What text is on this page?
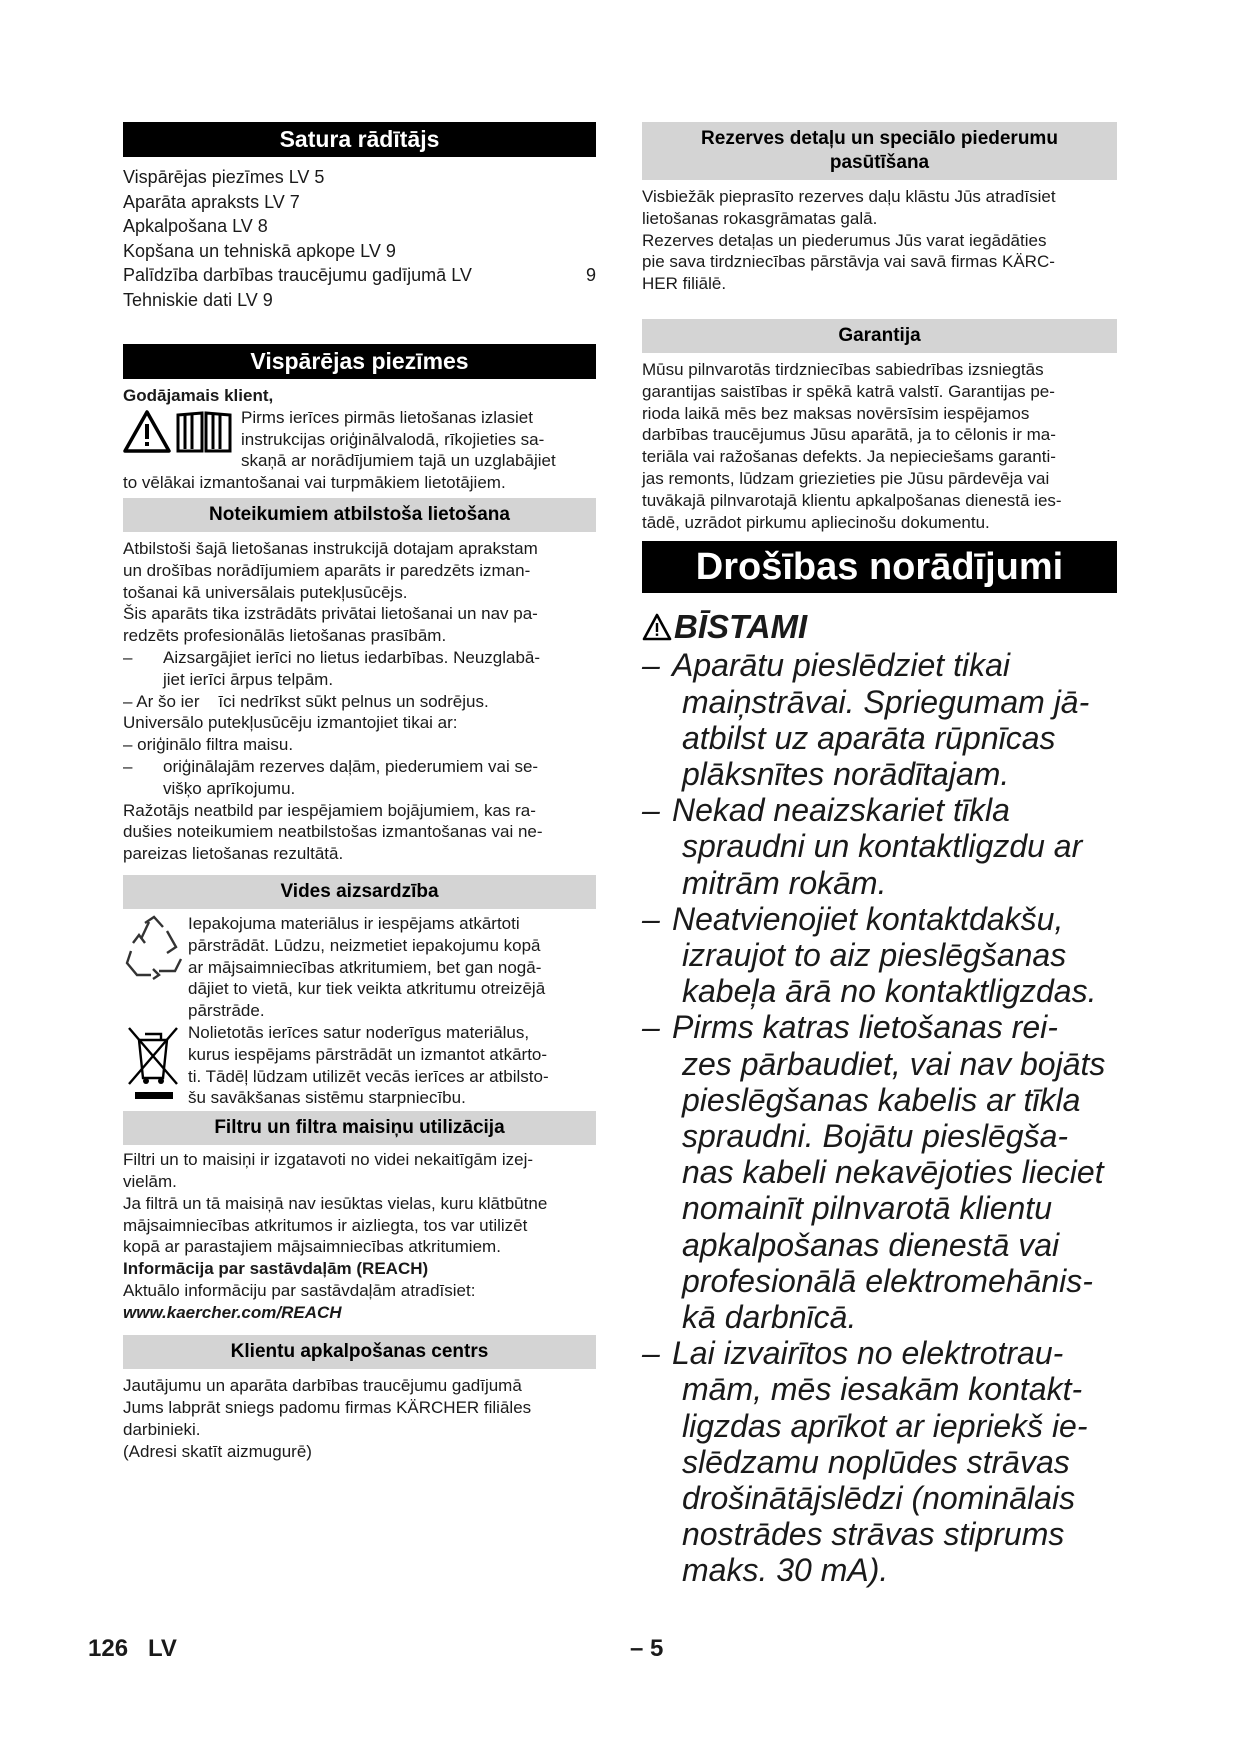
Satura rādītājs
Vispārējas piezīmes LV 5
Aparāta apraksts LV 7
Apkalpošana LV 8
Kopšana un tehniskā apkope LV 9
Palīdzība darbības traucējumu gadījumā LV	9
Tehniskie dati LV 9
Vispārējas piezīmes

Godājamais klient,

Pirms ierīces pirmās lietošanas izlasiet

instrukcijas oriģinālvalodā, rīkojieties sa-

skaņā ar norādījumiem tajā un uzglabājiet

to vēlākai izmantošanai vai turpmākiem lietotājiem.

Noteikumiem atbilstoša lietošana

Atbilstoši šajā lietošanas instrukcijā dotajam aprakstam

un drošības norādījumiem aparāts ir paredzēts izman-

tošanai kā universālais putekļusūcējs.

Šis aparāts tika izstrādāts privātai lietošanai un nav pa-

redzēts profesionālās lietošanas prasībām.

–	Aizsargājiet ierīci no lietus iedarbības. Neuzglabā-

jiet ierīci ārpus telpām.

– Ar šo ier    īci nedrīkst sūkt pelnus un sodrējus.

Universālo putekļusūcēju izmantojiet tikai ar:

– oriģinālo filtra maisu.

–	oriģinālajām rezerves daļām, piederumiem vai se-

višķo aprīkojumu.

Ražotājs neatbild par iespējamiem bojājumiem, kas ra-

dušies noteikumiem neatbilstošas izmantošanas vai ne-

pareizas lietošanas rezultātā.

Vides aizsardzība

Iepakojuma materiālus ir iespējams atkārtoti

pārstrādāt. Lūdzu, neizmetiet iepakojumu kopā

ar mājsaimniecības atkritumiem, bet gan nogā-

dājiet to vietā, kur tiek veikta atkritumu otreizējā

pārstrāde.

Nolietotās ierīces satur noderīgus materiālus,

kurus iespējams pārstrādāt un izmantot atkārto-

ti. Tādēļ lūdzam utilizēt vecās ierīces ar atbilsto-

šu savākšanas sistēmu starpniecību.

Filtru un filtra maisiņu utilizācija

Filtri un to maisiņi ir izgatavoti no videi nekaitīgām izej-

vielām.

Ja filtrā un tā maisiņā nav iesūktas vielas, kuru klātbūtne

mājsaimniecības atkritumos ir aizliegta, tos var utilizēt

kopā ar parastajiem mājsaimniecības atkritumiem.

Informācija par sastāvdaļām (REACH)

Aktuālo informāciju par sastāvdaļām atradīsiet:

www.kaercher.com/REACH

Klientu apkalpošanas centrs

Jautājumu un aparāta darbības traucējumu gadījumā

Jums labprāt sniegs padomu firmas KÄRCHER filiāles

darbinieki.

(Adresi skatīt aizmugurē)

Rezerves detaļu un speciālo piederumu
pasūtīšana

Visbiežāk pieprasīto rezerves daļu klāstu Jūs atradīsiet

lietošanas rokasgrāmatas galā.

Rezerves detaļas un piederumus Jūs varat iegādāties

pie sava tirdzniecības pārstāvja vai savā firmas KÄRC-

HER filiālē.

Garantija

Mūsu pilnvarotās tirdzniecības sabiedrības izsniegtās

garantijas saistības ir spēkā katrā valstī. Garantijas pe-

rioda laikā mēs bez maksas novērsīsim iespējamos

darbības traucējumus Jūsu aparātā, ja to cēlonis ir ma-

teriāla vai ražošanas defekts. Ja nepieciešams garanti-

jas remonts, lūdzam griezieties pie Jūsu pārdevēja vai

tuvākajā pilnvarotajā klientu apkalpošanas dienestā ies-

tādē, uzrādot pirkumu apliecinošu dokumentu.

Drošības norādījumi
BĪSTAMI
– Aparātu pieslēdziet tikai
maiņstrāvai. Spriegumam jā-
atbilst uz aparāta rūpnīcas
plāksnītes norādītajam.
– Nekad neaizskariet tīkla
spraudni un kontaktligzdu ar
mitrām rokām.
– Neatvienojiet kontaktdakšu,
izraujot to aiz pieslēgšanas
kabeļa ārā no kontaktligzdas.
– Pirms katras lietošanas rei-
zes pārbaudiet, vai nav bojāts
pieslēgšanas kabelis ar tīkla
spraudni. Bojātu pieslēgša-
nas kabeli nekavējoties lieciet
nomainīt pilnvarotā klientu
apkalpošanas dienestā vai
profesionālā elektromehānis-
kā darbnīcā.
– Lai izvairītos no elektrotrau-
mām, mēs iesakām kontakt-
ligzdas aprīkot ar iepriekš ie-
slēdzamu noplūdes strāvas
drošinātājslēdzi (nominālais
nostrādes strāvas stiprums
maks. 30 mA).
126   LV	– 5
